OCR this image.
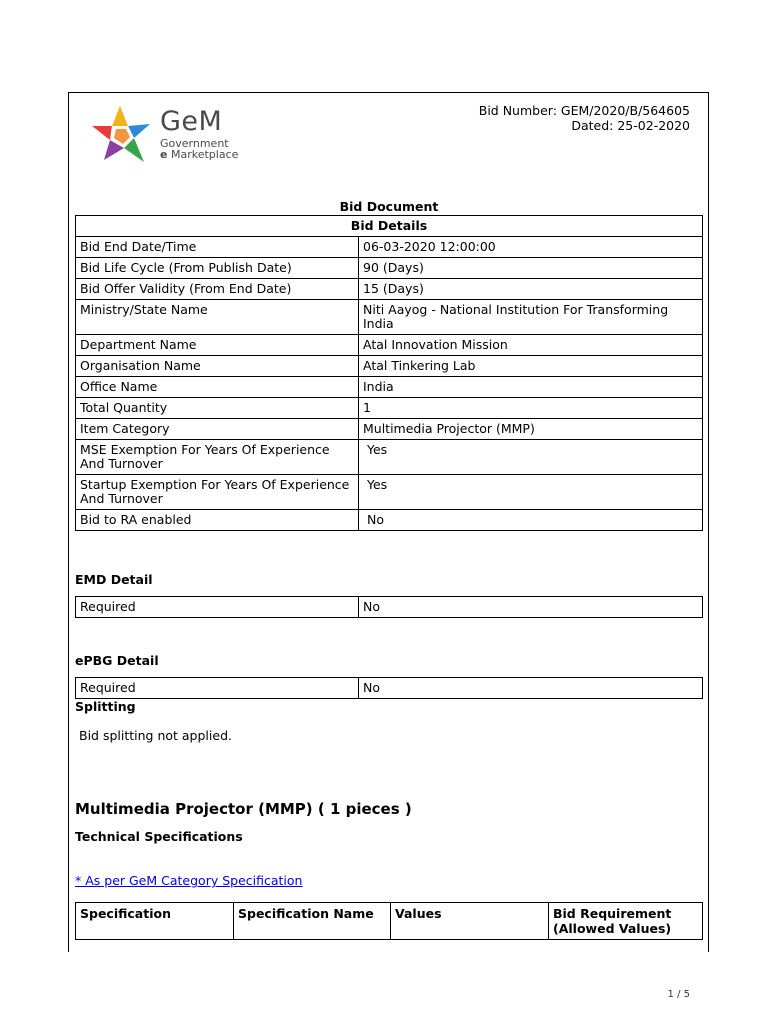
GeM
Government
e Marketplace
Bid Number: GEM/2020/B/564605
Dated: 25-02-2020
Bid Document
Bid Details	
Bid End Date/Time	06-03-2020 12:00:00
Bid Life Cycle (From Publish Date)	90 (Days)
Bid Offer Validity (From End Date)	15 (Days)
Ministry/State Name	Niti Aayog - National Institution For Transforming India
Department Name	Atal Innovation Mission
Organisation Name	Atal Tinkering Lab
Office Name	India
Total Quantity	1
Item Category	Multimedia Projector (MMP)
MSE Exemption For Years Of Experience And Turnover	Yes
Startup Exemption For Years Of Experience And Turnover	Yes
Bid to RA enabled	No
EMD Detail
Required	No
ePBG Detail
Required	No
Splitting
Bid splitting not applied.
Multimedia Projector (MMP) ( 1 pieces )
Technical Specifications
* As per GeM Category Specification
Specification	Specification Name	Values	Bid Requirement (Allowed Values)
1 / 5
